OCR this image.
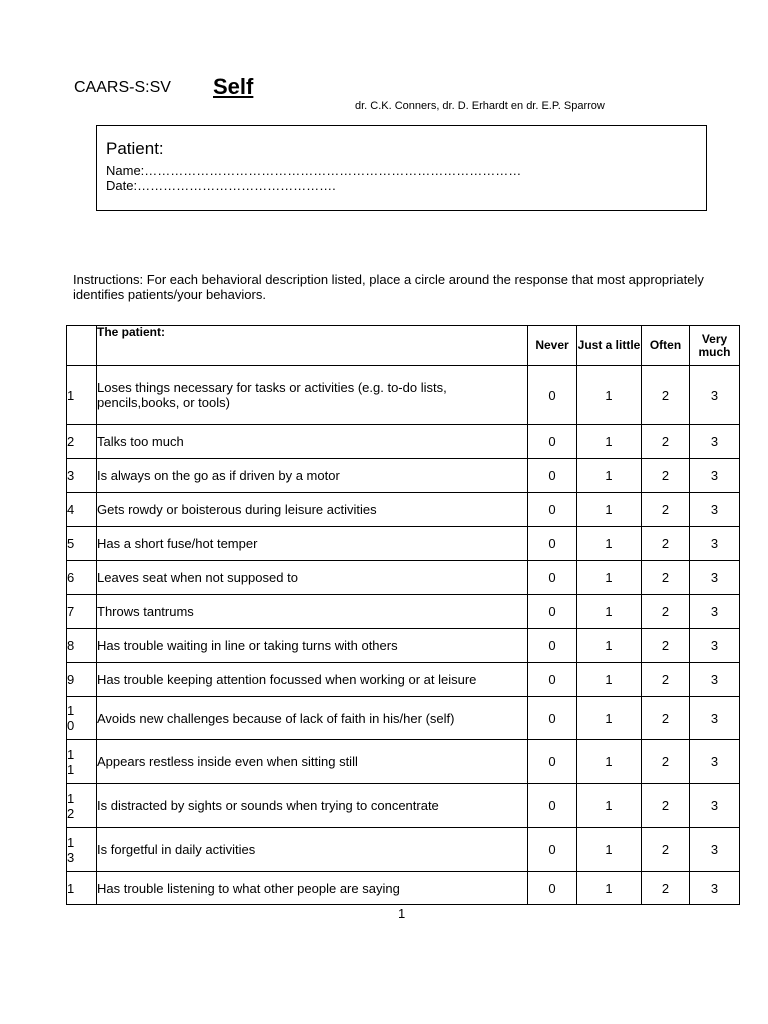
CAARS-S:SV Self
dr. C.K. Conners, dr. D. Erhardt en dr. E.P. Sparrow
Patient:
Name:……………………………………………………………………………
Date:……………………………………….
Instructions: For each behavioral description listed, place a circle around the response that most appropriately identifies patients/your behaviors.
	The patient:	Never	Just a little	Often	Very much

1	Loses things necessary for tasks or activities (e.g. to-do lists, pencils,books, or tools)	0	1	2	3

2	Talks too much	0	1	2	3

3	Is always on the go as if driven by a motor	0	1	2	3

4	Gets rowdy or boisterous during leisure activities	0	1	2	3

5	Has a short fuse/hot temper	0	1	2	3

6	Leaves seat when not supposed to	0	1	2	3

7	Throws tantrums	0	1	2	3

8	Has trouble waiting in line or taking turns with others	0	1	2	3

9	Has trouble keeping attention focussed when working or at leisure	0	1	2	3

10	Avoids new challenges because of lack of faith in his/her (self)	0	1	2	3

11	Appears restless inside even when sitting still	0	1	2	3

12	Is distracted by sights or sounds when trying to concentrate	0	1	2	3

13	Is forgetful in daily activities	0	1	2	3

1	Has trouble listening to what other people are saying	0	1	2	3
1
